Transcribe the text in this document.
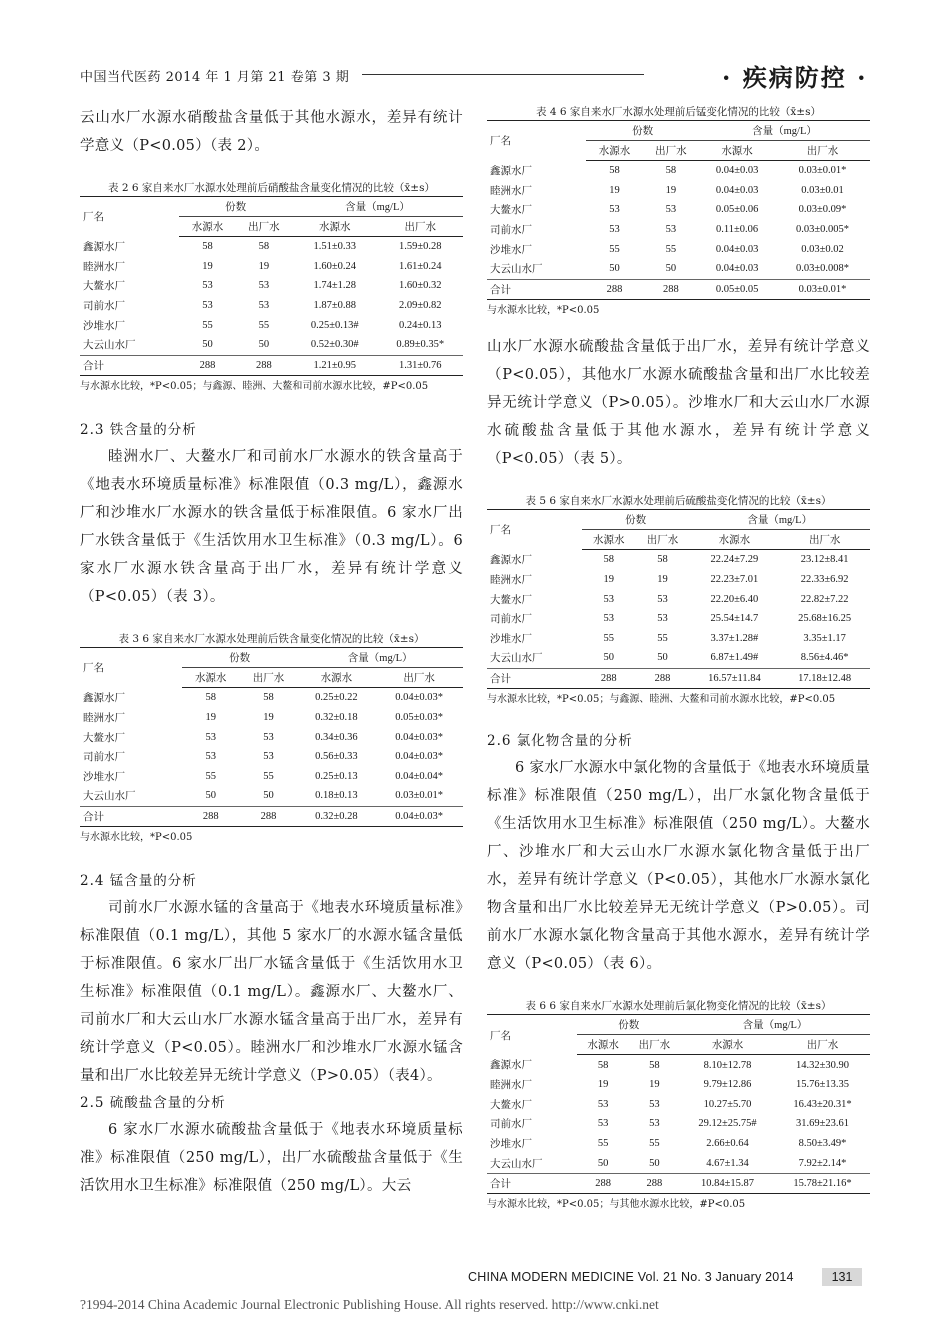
中国当代医药 2014 年 1 月第 21 卷第 3 期	· 疾病防控 ·

云山水厂水源水硝酸盐含量低于其他水源水，差异有统计学意义（P<0.05）（表 2）。

表 2 6 家自来水厂水源水处理前后硝酸盐含量变化情况的比较（x̄±s）

厂名	份数		含量（mg/L）	
	水源水	出厂水	水源水	出厂水
鑫源水厂	58	58	1.51±0.33	1.59±0.28
睦洲水厂	19	19	1.60±0.24	1.61±0.24
大鳌水厂	53	53	1.74±1.28	1.60±0.32
司前水厂	53	53	1.87±0.88	2.09±0.82
沙堆水厂	55	55	0.25±0.13#	0.24±0.13
大云山水厂	50	50	0.52±0.30#	0.89±0.35*
合计	288	288	1.21±0.95	1.31±0.76

与水源水比较，*P<0.05；与鑫源、睦洲、大鳌和司前水源水比较，#P<0.05

2.3 铁含量的分析

睦洲水厂、大鳌水厂和司前水厂水源水的铁含量高于《地表水环境质量标准》标准限值（0.3 mg/L），鑫源水厂和沙堆水厂水源水的铁含量低于标准限值。6 家水厂出厂水铁含量低于《生活饮用水卫生标准》（0.3 mg/L）。6 家水厂水源水铁含量高于出厂水，差异有统计学意义（P<0.05）（表 3）。

表 3 6 家自来水厂水源水处理前后铁含量变化情况的比较（x̄±s）

厂名	份数		含量（mg/L）	
	水源水	出厂水	水源水	出厂水
鑫源水厂	58	58	0.25±0.22	0.04±0.03*
睦洲水厂	19	19	0.32±0.18	0.05±0.03*
大鳌水厂	53	53	0.34±0.36	0.04±0.03*
司前水厂	53	53	0.56±0.33	0.04±0.03*
沙堆水厂	55	55	0.25±0.13	0.04±0.04*
大云山水厂	50	50	0.18±0.13	0.03±0.01*
合计	288	288	0.32±0.28	0.04±0.03*

与水源水比较，*P<0.05

2.4 锰含量的分析

司前水厂水源水锰的含量高于《地表水环境质量标准》标准限值（0.1 mg/L），其他 5 家水厂的水源水锰含量低于标准限值。6 家水厂出厂水锰含量低于《生活饮用水卫生标准》标准限值（0.1 mg/L）。鑫源水厂、大鳌水厂、司前水厂和大云山水厂水源水锰含量高于出厂水，差异有统计学意义（P<0.05）。睦洲水厂和沙堆水厂水源水锰含量和出厂水比较差异无统计学意义（P>0.05）（表4）。

2.5 硫酸盐含量的分析

6 家水厂水源水硫酸盐含量低于《地表水环境质量标准》标准限值（250 mg/L），出厂水硫酸盐含量低于《生活饮用水卫生标准》标准限值（250 mg/L）。大云

表 4 6 家自来水厂水源水处理前后锰变化情况的比较（x̄±s）

厂名	份数		含量（mg/L）	
	水源水	出厂水	水源水	出厂水
鑫源水厂	58	58	0.04±0.03	0.03±0.01*
睦洲水厂	19	19	0.04±0.03	0.03±0.01
大鳌水厂	53	53	0.05±0.06	0.03±0.09*
司前水厂	53	53	0.11±0.06	0.03±0.005*
沙堆水厂	55	55	0.04±0.03	0.03±0.02
大云山水厂	50	50	0.04±0.03	0.03±0.008*
合计	288	288	0.05±0.05	0.03±0.01*

与水源水比较，*P<0.05

山水厂水源水硫酸盐含量低于出厂水，差异有统计学意义（P<0.05），其他水厂水源水硫酸盐含量和出厂水比较差异无统计学意义（P>0.05）。沙堆水厂和大云山水厂水源水硫酸盐含量低于其他水源水，差异有统计学意义（P<0.05）（表 5）。

表 5 6 家自来水厂水源水处理前后硫酸盐变化情况的比较（x̄±s）

厂名	份数		含量（mg/L）	
	水源水	出厂水	水源水	出厂水
鑫源水厂	58	58	22.24±7.29	23.12±8.41
睦洲水厂	19	19	22.23±7.01	22.33±6.92
大鳌水厂	53	53	22.20±6.40	22.82±7.22
司前水厂	53	53	25.54±14.7	25.68±16.25
沙堆水厂	55	55	3.37±1.28#	3.35±1.17
大云山水厂	50	50	6.87±1.49#	8.56±4.46*
合计	288	288	16.57±11.84	17.18±12.48

与水源水比较，*P<0.05；与鑫源、睦洲、大鳌和司前水源水比较，#P<0.05

2.6 氯化物含量的分析

6 家水厂水源水中氯化物的含量低于《地表水环境质量标准》标准限值（250 mg/L），出厂水氯化物含量低于《生活饮用水卫生标准》标准限值（250 mg/L）。大鳌水厂、沙堆水厂和大云山水厂水源水氯化物含量低于出厂水，差异有统计学意义（P<0.05），其他水厂水源水氯化物含量和出厂水比较差异无无统计学意义（P>0.05）。司前水厂水源水氯化物含量高于其他水源水，差异有统计学意义（P<0.05）（表 6）。

表 6 6 家自来水厂水源水处理前后氯化物变化情况的比较（x̄±s）

厂名	份数		含量（mg/L）	
	水源水	出厂水	水源水	出厂水
鑫源水厂	58	58	8.10±12.78	14.32±30.90
睦洲水厂	19	19	9.79±12.86	15.76±13.35
大鳌水厂	53	53	10.27±5.70	16.43±20.31*
司前水厂	53	53	29.12±25.75#	31.69±23.61
沙堆水厂	55	55	2.66±0.64	8.50±3.49*
大云山水厂	50	50	4.67±1.34	7.92±2.14*
合计	288	288	10.84±15.87	15.78±21.16*

与水源水比较，*P<0.05；与其他水源水比较，#P<0.05

CHINA MODERN MEDICINE Vol. 21 No. 3 January 2014	131
?1994-2014 China Academic Journal Electronic Publishing House. All rights reserved. http://www.cnki.net
